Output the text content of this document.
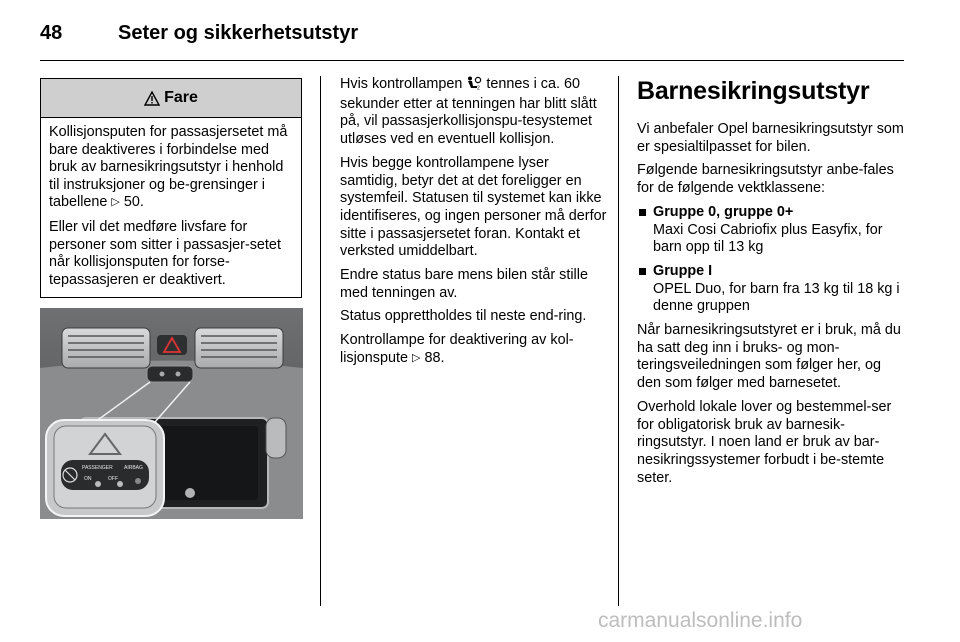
48	Seter og sikkerhetsutstyr
Fare

Kollisjonsputen for passasjersetet må bare deaktiveres i forbindelse med bruk av barnesikringsutstyr i henhold til instruksjoner og be-grensinger i tabellene ▷ 50.

Eller vil det medføre livsfare for personer som sitter i passasjer-setet når kollisjonsputen for forse-tepassasjeren er deaktivert.

PASSENGER AIRBAG
ON	OFF

Hvis kontrollampen	2 tennes i ca. 60 sekunder etter at tenningen har blitt slått på, vil passasjerkollisjonspu-tesystemet utløses ved en eventuell kollisjon.

Hvis begge kontrollampene lyser samtidig, betyr det at det foreligger en systemfeil. Statusen til systemet kan ikke identifiseres, og ingen personer må derfor sitte i passasjersetet foran. Kontakt et verksted umiddelbart.

Endre status bare mens bilen står stille med tenningen av.

Status opprettholdes til neste end-ring.

Kontrollampe for deaktivering av kol-lisjonspute ▷ 88.

Barnesikringsutstyr

Vi anbefaler Opel barnesikringsutstyr som er spesialtilpasset for bilen.

Følgende barnesikringsutstyr anbe-fales for de følgende vektklassene:

Gruppe 0, gruppe 0+
Maxi Cosi Cabriofix plus Easyfix, for barn opp til 13 kg
Gruppe I
OPEL Duo, for barn fra 13 kg til 18 kg i denne gruppen

Når barnesikringsutstyret er i bruk, må du ha satt deg inn i bruks- og mon-teringsveiledningen som følger her, og den som følger med barnesetet.

Overhold lokale lover og bestemmel-ser for obligatorisk bruk av barnesik-ringsutstyr. I noen land er bruk av bar-nesikringssystemer forbudt i be-stemte seter.

carmanualsonline.info
